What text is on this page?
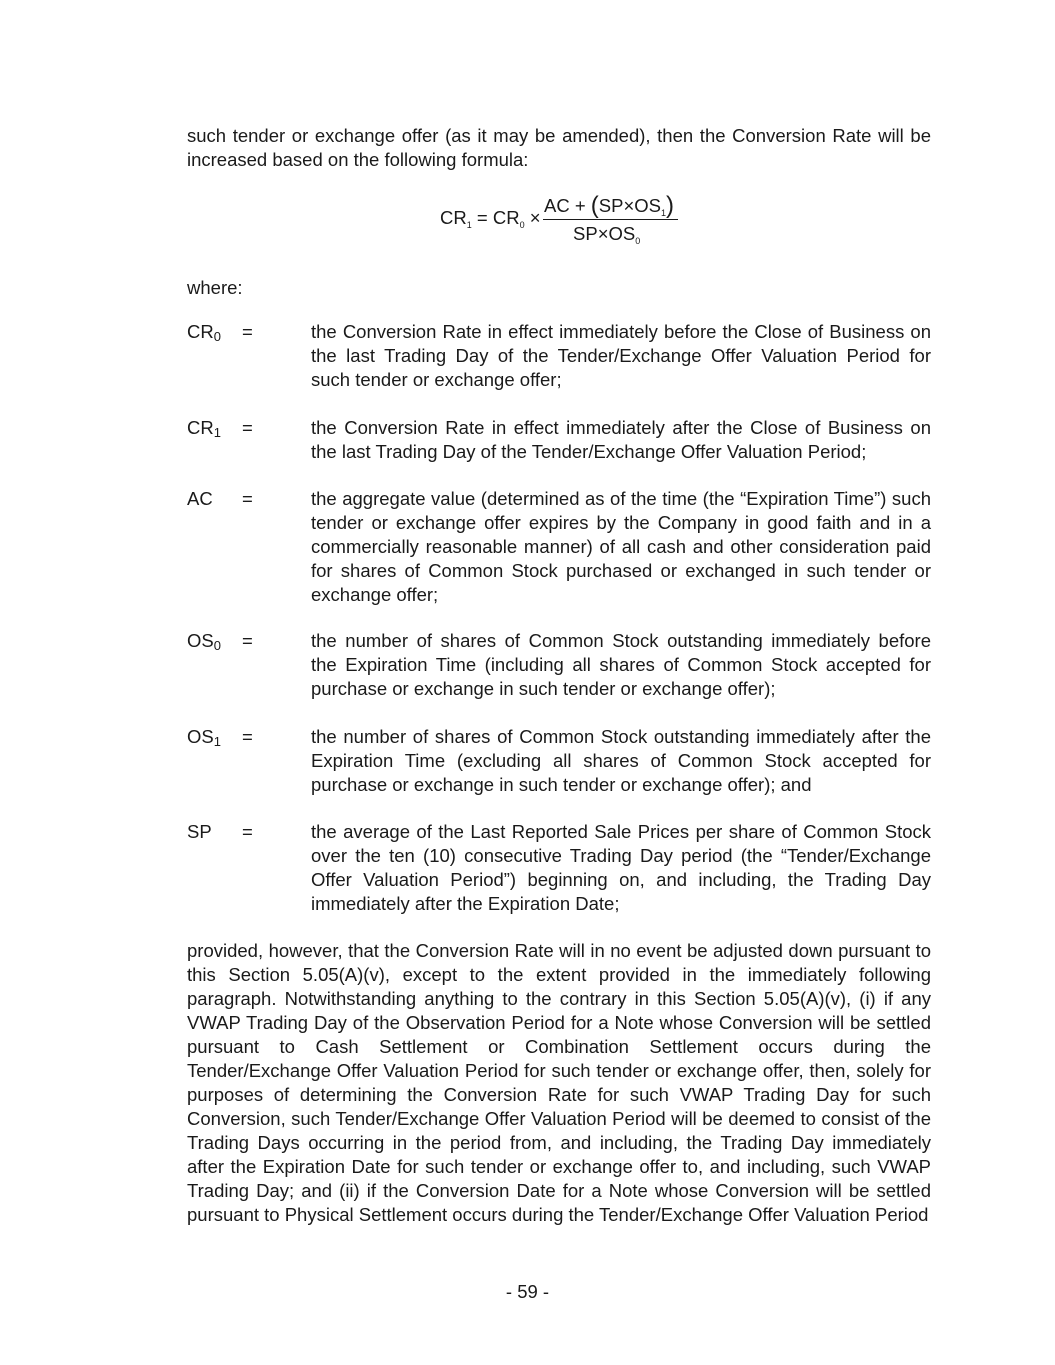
such tender or exchange offer (as it may be amended), then the Conversion Rate will be increased based on the following formula:

$CR_1 = CR_0$ ×
AC + $(SP\times OS_1)$
$SP\times OS_0$
where:
$CR_0$ =	the Conversion Rate in effect immediately before the Close of Business on the last Trading Day of the Tender/Exchange Offer Valuation Period for such tender or exchange offer;
$CR_1$ =	the Conversion Rate in effect immediately after the Close of Business on the last Trading Day of the Tender/Exchange Offer Valuation Period;
AC =	the aggregate value (determined as of the time (the “Expiration Time”) such tender or exchange offer expires by the Company in good faith and in a commercially reasonable manner) of all cash and other consideration paid for shares of Common Stock purchased or exchanged in such tender or exchange offer;
$OS_0$ =	the number of shares of Common Stock outstanding immediately before the Expiration Time (including all shares of Common Stock accepted for purchase or exchange in such tender or exchange offer);
$OS_1$ =	the number of shares of Common Stock outstanding immediately after the Expiration Time (excluding all shares of Common Stock accepted for purchase or exchange in such tender or exchange offer); and
SP =	the average of the Last Reported Sale Prices per share of Common Stock over the ten (10) consecutive Trading Day period (the “Tender/Exchange Offer Valuation Period”) beginning on, and including, the Trading Day immediately after the Expiration Date;

provided, however, that the Conversion Rate will in no event be adjusted down pursuant to this Section 5.05(A)(v), except to the extent provided in the immediately following paragraph. Notwithstanding anything to the contrary in this Section 5.05(A)(v), (i) if any VWAP Trading Day of the Observation Period for a Note whose Conversion will be settled pursuant to Cash Settlement or Combination Settlement occurs during the Tender/Exchange Offer Valuation Period for such tender or exchange offer, then, solely for purposes of determining the Conversion Rate for such VWAP Trading Day for such Conversion, such Tender/Exchange Offer Valuation Period will be deemed to consist of the Trading Days occurring in the period from, and including, the Trading Day immediately after the Expiration Date for such tender or exchange offer to, and including, such VWAP Trading Day; and (ii) if the Conversion Date for a Note whose Conversion will be settled pursuant to Physical Settlement occurs during the Tender/Exchange Offer Valuation Period

- 59 -
